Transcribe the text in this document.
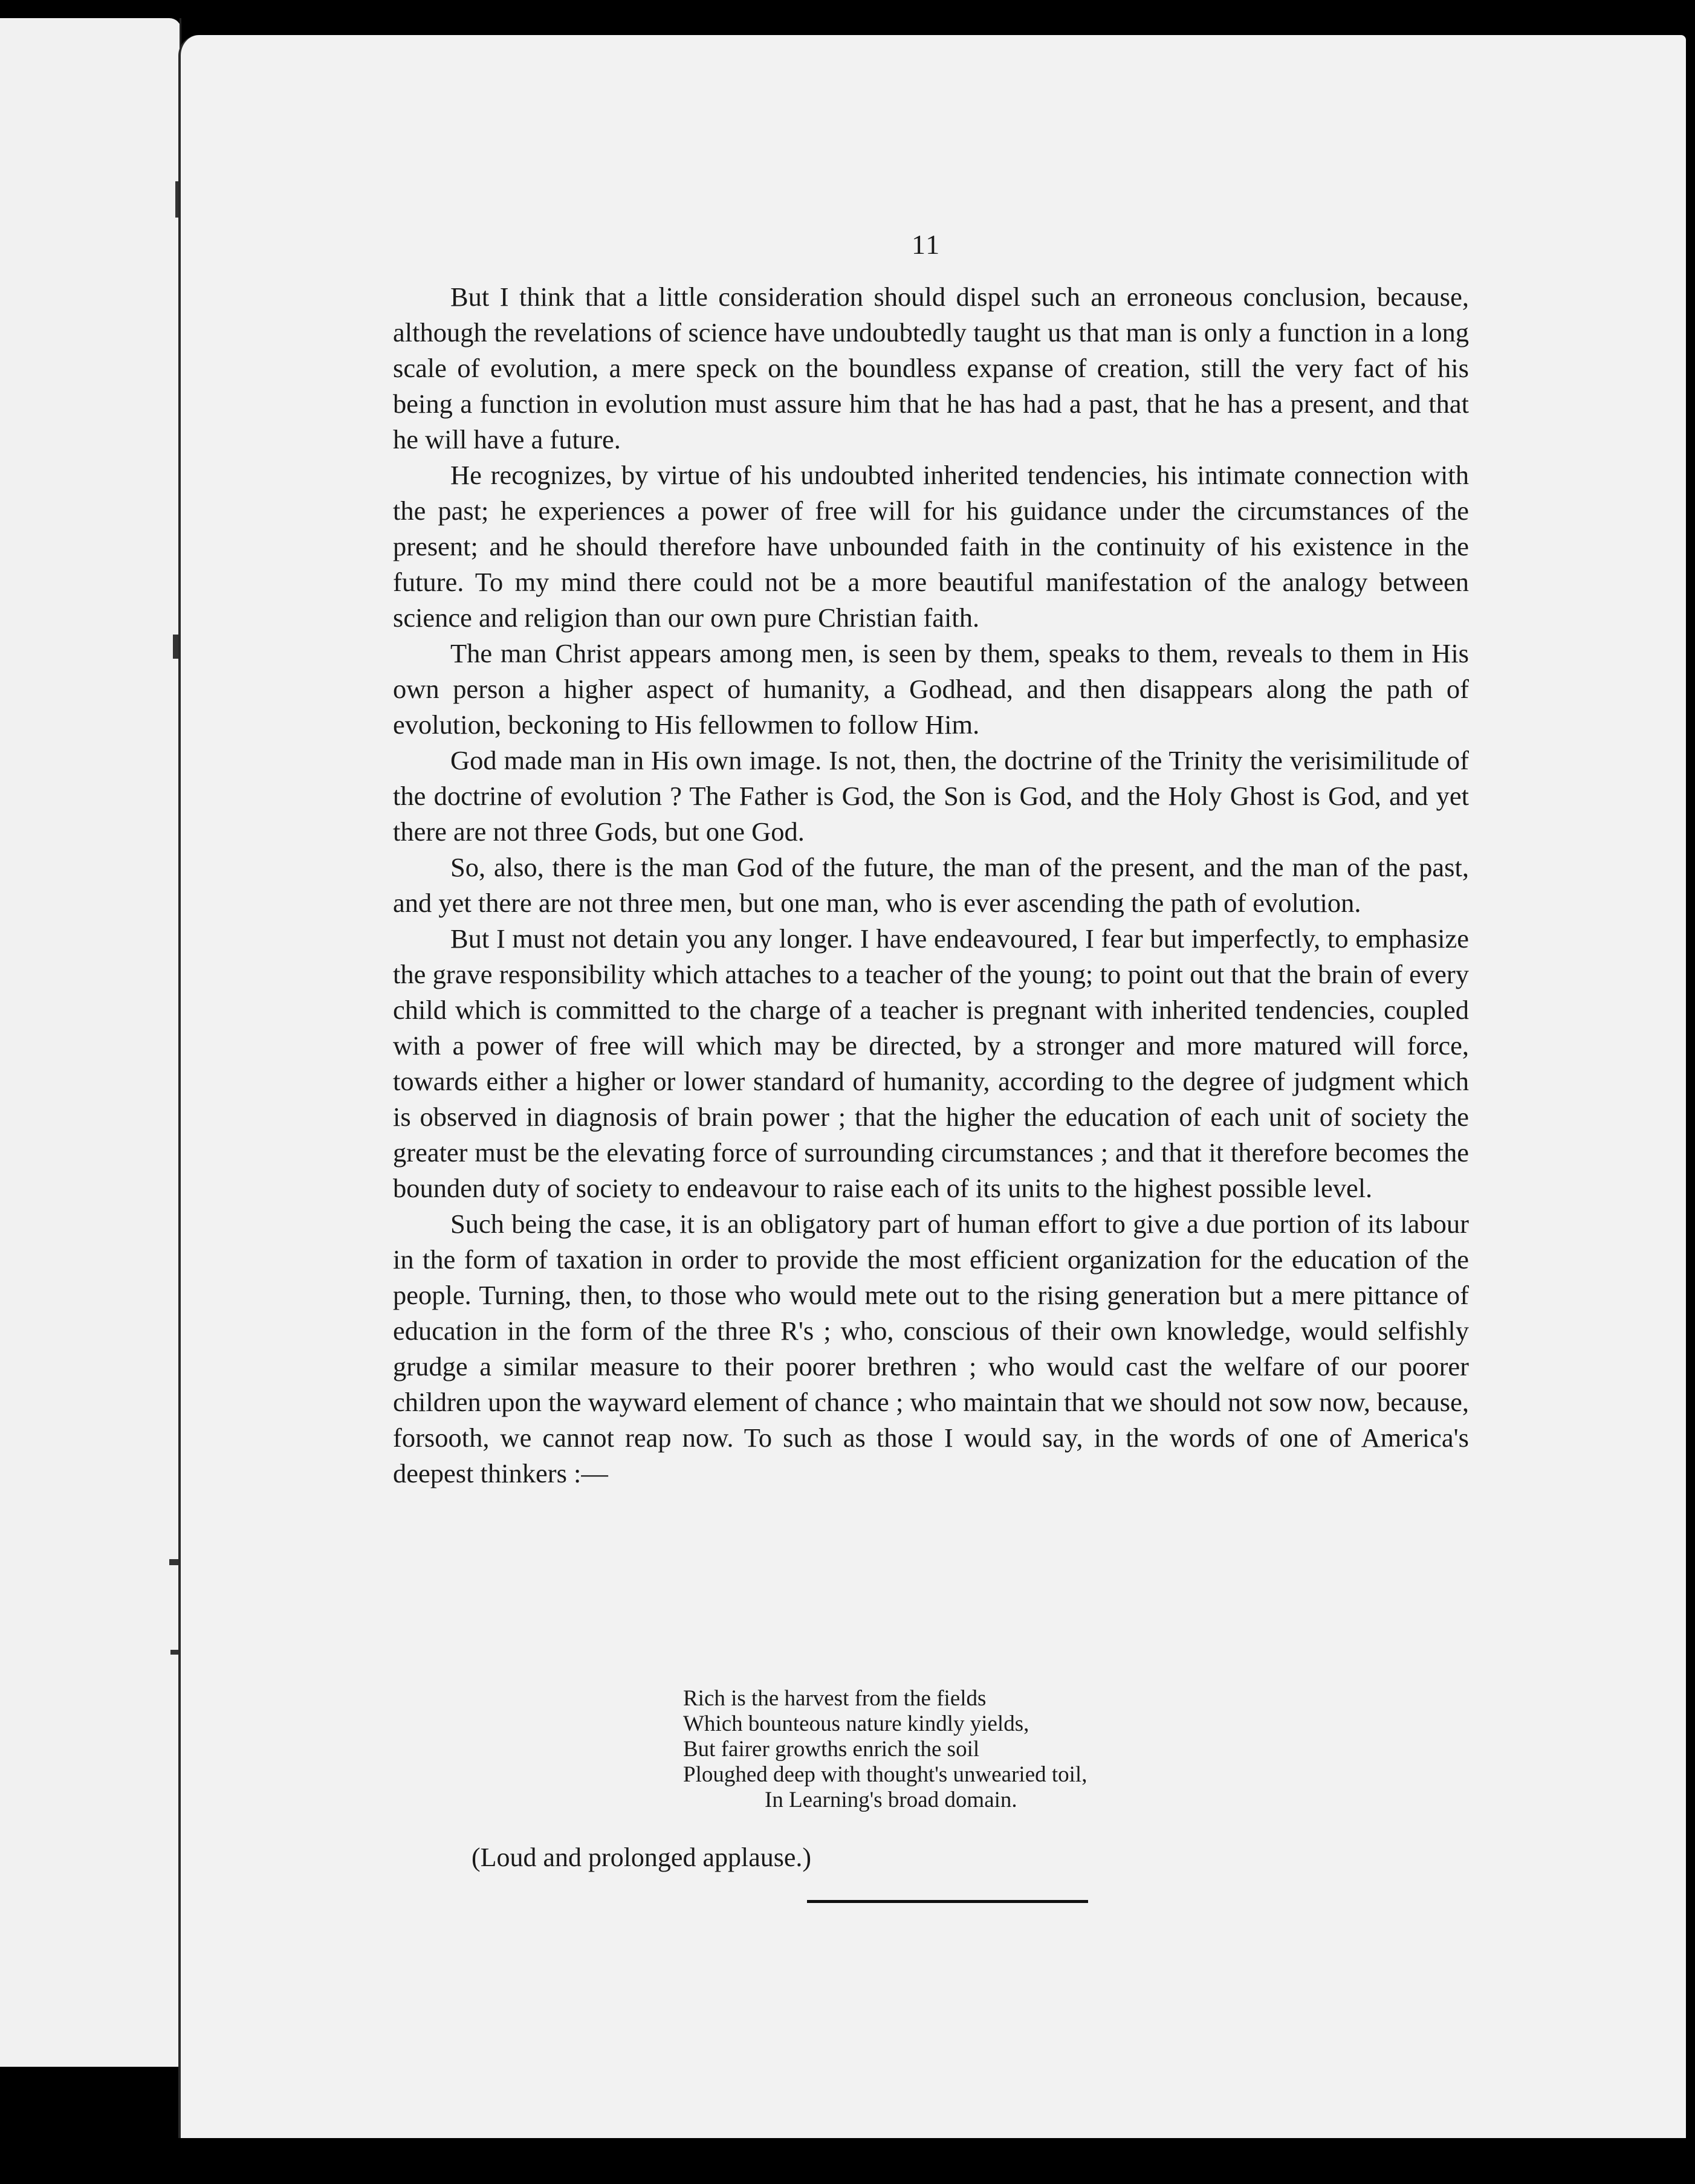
11

But I think that a little consideration should dispel such an erroneous conclusion, because, although the revelations of science have undoubtedly taught us that man is only a function in a long scale of evolution, a mere speck on the boundless expanse of creation, still the very fact of his being a function in evolution must assure him that he has had a past, that he has a present, and that he will have a future.

He recognizes, by virtue of his undoubted inherited tendencies, his intimate connection with the past; he experiences a power of free will for his guidance under the circumstances of the present; and he should therefore have unbounded faith in the continuity of his existence in the future. To my mind there could not be a more beautiful manifestation of the analogy between science and religion than our own pure Christian faith.

The man Christ appears among men, is seen by them, speaks to them, reveals to them in His own person a higher aspect of humanity, a Godhead, and then disappears along the path of evolution, beckoning to His fellowmen to follow Him.

God made man in His own image. Is not, then, the doctrine of the Trinity the verisimilitude of the doctrine of evolution ? The Father is God, the Son is God, and the Holy Ghost is God, and yet there are not three Gods, but one God.

So, also, there is the man God of the future, the man of the present, and the man of the past, and yet there are not three men, but one man, who is ever ascending the path of evolution.

But I must not detain you any longer. I have endeavoured, I fear but imperfectly, to emphasize the grave responsibility which attaches to a teacher of the young; to point out that the brain of every child which is committed to the charge of a teacher is pregnant with inherited tendencies, coupled with a power of free will which may be directed, by a stronger and more matured will force, towards either a higher or lower standard of humanity, according to the degree of judgment which is observed in diagnosis of brain power ; that the higher the education of each unit of society the greater must be the elevating force of surrounding circumstances ; and that it therefore becomes the bounden duty of society to endeavour to raise each of its units to the highest possible level.

Such being the case, it is an obligatory part of human effort to give a due portion of its labour in the form of taxation in order to provide the most efficient organization for the education of the people. Turning, then, to those who would mete out to the rising generation but a mere pittance of education in the form of the three R's ; who, conscious of their own knowledge, would selfishly grudge a similar measure to their poorer brethren ; who would cast the welfare of our poorer children upon the wayward element of chance ; who maintain that we should not sow now, because, forsooth, we cannot reap now. To such as those I would say, in the words of one of America's deepest thinkers :—

Rich is the harvest from the fields
Which bounteous nature kindly yields,
But fairer growths enrich the soil
Ploughed deep with thought's unwearied toil,
In Learning's broad domain.
(Loud and prolonged applause.)
